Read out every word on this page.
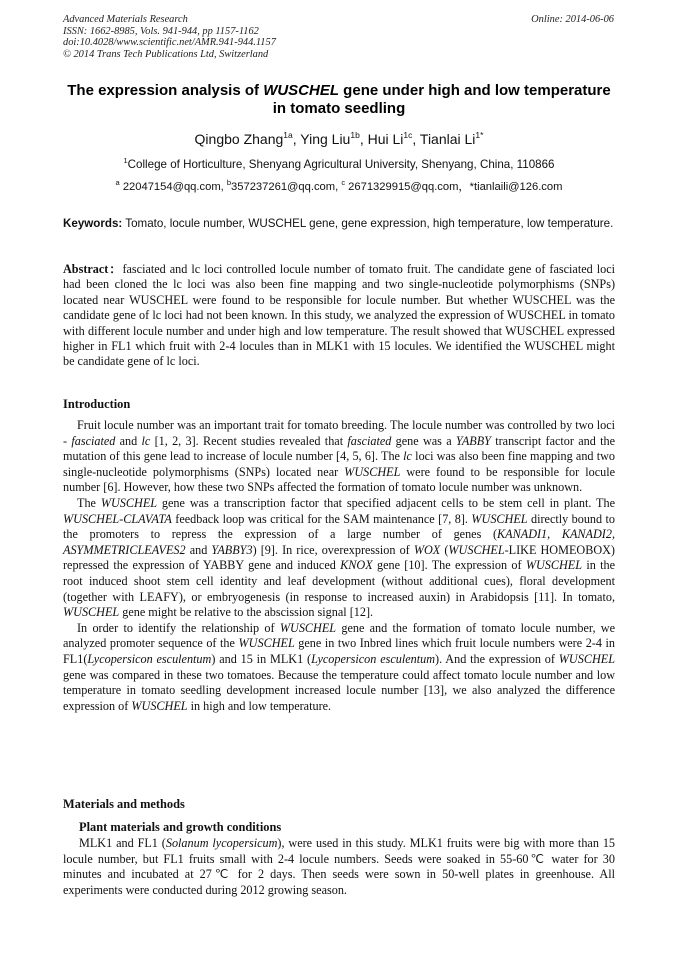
Advanced Materials Research
ISSN: 1662-8985, Vols. 941-944, pp 1157-1162
doi:10.4028/www.scientific.net/AMR.941-944.1157
© 2014 Trans Tech Publications Ltd, Switzerland
Online: 2014-06-06
The expression analysis of WUSCHEL gene under high and low temperature in tomato seedling
Qingbo Zhang$^{1a}$, Ying Liu$^{1b}$, Hui $Li^{1c}$, Tianlai $Li^{1*}$
$^1$College of Horticulture, Shenyang Agricultural University, Shenyang, China, 110866
$^a$ 22047154@qq.com, $^b$357237261@qq.com, $^c$ 2671329915@qq.com，*tianlaili@126.com
Keywords: Tomato, locule number, WUSCHEL gene, gene expression, high temperature, low temperature.
Abstract：fasciated and lc loci controlled locule number of tomato fruit. The candidate gene of fasciated loci had been cloned the lc loci was also been fine mapping and two single-nucleotide polymorphisms (SNPs) located near WUSCHEL were found to be responsible for locule number. But whether WUSCHEL was the candidate gene of lc loci had not been known. In this study, we analyzed the expression of WUSCHEL in tomato with different locule number and under high and low temperature. The result showed that WUSCHEL expressed higher in FL1 which fruit with 2-4 locules than in MLK1 with 15 locules. We identified the WUSCHEL might be candidate gene of lc loci.
Introduction

Fruit locule number was an important trait for tomato breeding. The locule number was controlled by two loci - fasciated and lc [1, 2, 3]. Recent studies revealed that fasciated gene was a YABBY transcript factor and the mutation of this gene lead to increase of locule number [4, 5, 6]. The lc loci was also been fine mapping and two single-nucleotide polymorphisms (SNPs) located near WUSCHEL were found to be responsible for locule number [6]. However, how these two SNPs affected the formation of tomato locule number was unknown.

The WUSCHEL gene was a transcription factor that specified adjacent cells to be stem cell in plant. The WUSCHEL-CLAVATA feedback loop was critical for the SAM maintenance [7, 8]. WUSCHEL directly bound to the promoters to repress the expression of a large number of genes (KANADI1, KANADI2, ASYMMETRICLEAVES2 and YABBY3) [9]. In rice, overexpression of WOX (WUSCHEL-LIKE HOMEOBOX) repressed the expression of YABBY gene and induced KNOX gene [10]. The expression of WUSCHEL in the root induced shoot stem cell identity and leaf development (without additional cues), floral development (together with LEAFY), or embryogenesis (in response to increased auxin) in Arabidopsis [11]. In tomato, WUSCHEL gene might be relative to the abscission signal [12].

In order to identify the relationship of WUSCHEL gene and the formation of tomato locule number, we analyzed promoter sequence of the WUSCHEL gene in two Inbred lines which fruit locule numbers were 2-4 in FL1(Lycopersicon esculentum) and 15 in MLK1 (Lycopersicon esculentum). And the expression of WUSCHEL gene was compared in these two tomatoes. Because the temperature could affect tomato locule number and low temperature in tomato seedling development increased locule number [13], we also analyzed the difference expression of WUSCHEL in high and low temperature.

Materials and methods
Plant materials and growth conditions

MLK1 and FL1 (Solanum lycopersicum), were used in this study. MLK1 fruits were big with more than 15 locule number, but FL1 fruits small with 2-4 locule numbers. Seeds were soaked in 55-60℃ water for 30 minutes and incubated at 27℃ for 2 days. Then seeds were sown in 50-well plates in greenhouse. All experiments were conducted during 2012 growing season.
